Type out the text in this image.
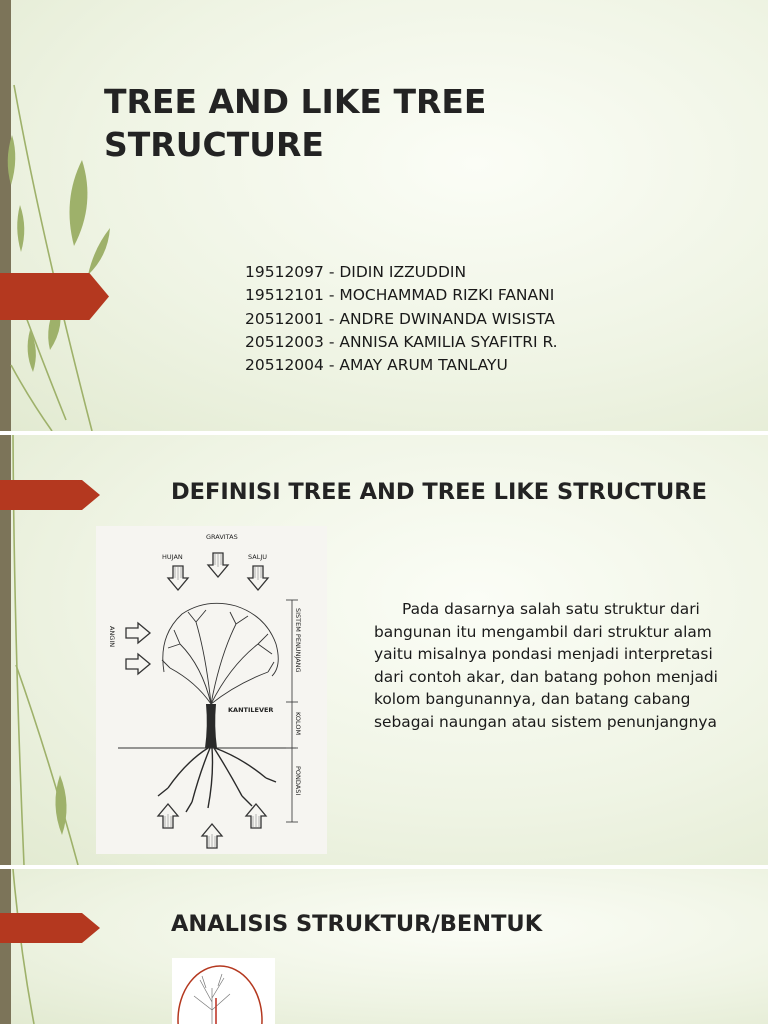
TREE AND LIKE TREE
STRUCTURE
19512097 - DIDIN IZZUDDIN
19512101 - MOCHAMMAD RIZKI FANANI
20512001 - ANDRE DWINANDA WISISTA
20512003 - ANNISA KAMILIA SYAFITRI R.
20512004 - AMAY ARUM TANLAYU
DEFINISI TREE AND TREE LIKE STRUCTURE
GRAVITAS
HUJAN	SALJU
ANGIN
KANTILEVER
SISTEM PENUNJANG
KOLOM
PONDASI

Pada dasarnya salah satu struktur dari bangunan itu mengambil dari struktur alam yaitu misalnya pondasi menjadi interpretasi dari contoh akar, dan batang pohon menjadi kolom bangunannya, dan batang cabang sebagai naungan atau sistem penunjangnya

ANALISIS STRUKTUR/BENTUK
